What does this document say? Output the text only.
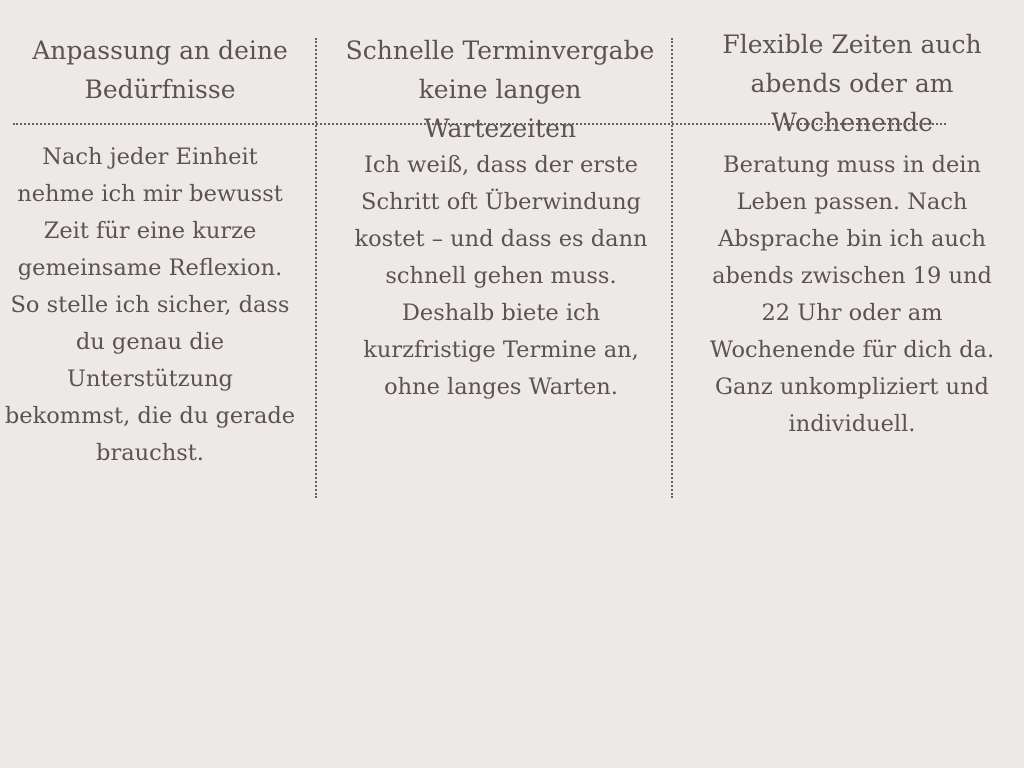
Anpassung an deine Bedürfnisse
Schnelle Terminvergabe keine langen Wartezeiten
Flexible Zeiten auch abends oder am Wochenende

Nach jeder Einheit nehme ich mir bewusst Zeit für eine kurze gemeinsame Reflexion. So stelle ich sicher, dass du genau die Unterstützung bekommst, die du gerade brauchst.

Ich weiß, dass der erste Schritt oft Überwindung kostet – und dass es dann schnell gehen muss. Deshalb biete ich kurzfristige Termine an, ohne langes Warten.

Beratung muss in dein Leben passen. Nach Absprache bin ich auch abends zwischen 19 und 22 Uhr oder am Wochenende für dich da. Ganz unkompliziert und individuell.
